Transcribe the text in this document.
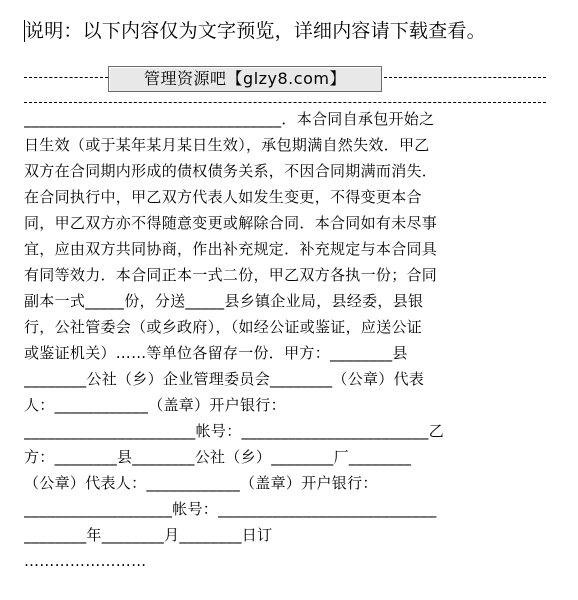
说明：以下内容仅为文字预览，详细内容请下载查看。
管理资源吧【glzy8.com】
_________________________________．本合同自承包开始之
日生效（或于某年某月某日生效），承包期满自然失效．甲乙
双方在合同期内形成的债权债务关系，不因合同期满而消失．
在合同执行中，甲乙双方代表人如发生变更，不得变更本合
同，甲乙双方亦不得随意变更或解除合同．本合同如有未尽事
宜，应由双方共同协商，作出补充规定．补充规定与本合同具
有同等效力．本合同正本一式二份，甲乙双方各执一份；合同
副本一式_____份，分送_____县乡镇企业局，县经委，县银
行，公社管委会（或乡政府），（如经公证或鉴证，应送公证
或鉴证机关）……等单位各留存一份．甲方：________县
________公社（乡）企业管理委员会________（公章）代表
人：____________（盖章）开户银行：
______________________帐号：________________________乙
方：________县________公社（乡）________厂________
（公章）代表人：____________（盖章）开户银行：
___________________帐号：____________________________
________年________月________日订
……………………
